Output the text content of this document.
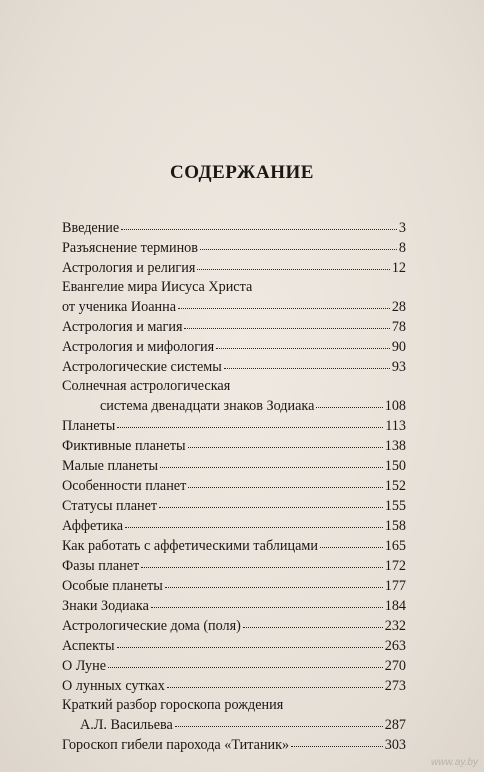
СОДЕРЖАНИЕ
Введение	3
Разъяснение терминов	8
Астрология и религия	12
Евангелие мира Иисуса Христа
от ученика Иоанна	28
Астрология и магия	78
Астрология и мифология	90
Астрологические системы	93
Солнечная астрологическая
система двенадцати знаков Зодиака	108
Планеты	113
Фиктивные планеты	138
Малые планеты	150
Особенности планет	152
Статусы планет	155
Аффетика	158
Как работать с аффетическими таблицами	165
Фазы планет	172
Особые планеты	177
Знаки Зодиака	184
Астрологические дома (поля)	232
Аспекты	263
О Луне	270
О лунных сутках	273
Краткий разбор гороскопа рождения
А.Л. Васильева	287
Гороскоп гибели парохода «Титаник»	303
www.ay.by
